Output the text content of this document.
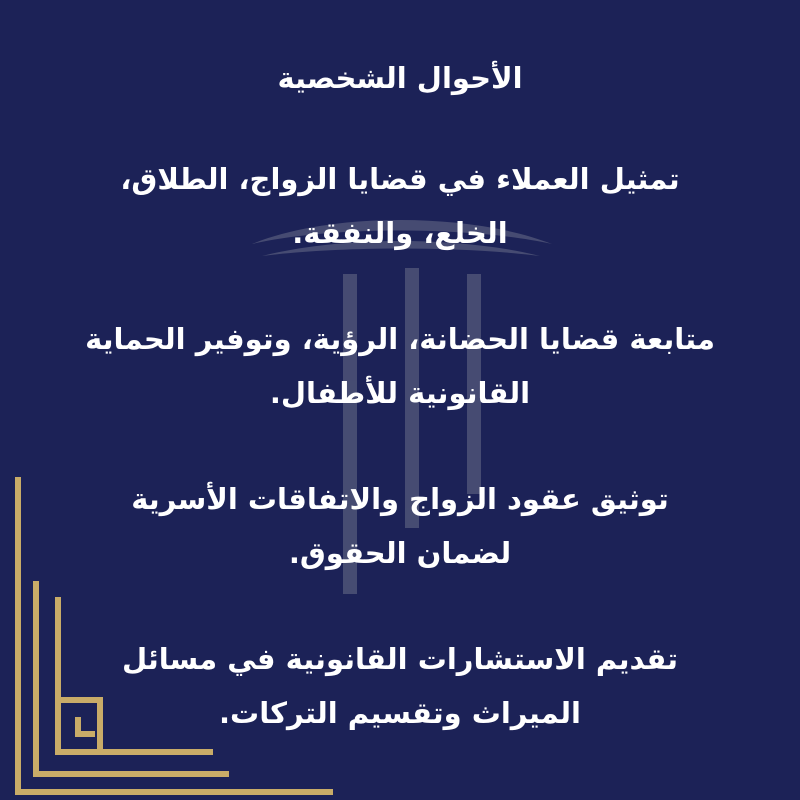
الأحوال الشخصية
تمثيل العملاء في قضايا الزواج، الطلاق، الخلع، والنفقة.
متابعة قضايا الحضانة، الرؤية، وتوفير الحماية القانونية للأطفال.
توثيق عقود الزواج والاتفاقات الأسرية لضمان الحقوق.
تقديم الاستشارات القانونية في مسائل الميراث وتقسيم التركات.
